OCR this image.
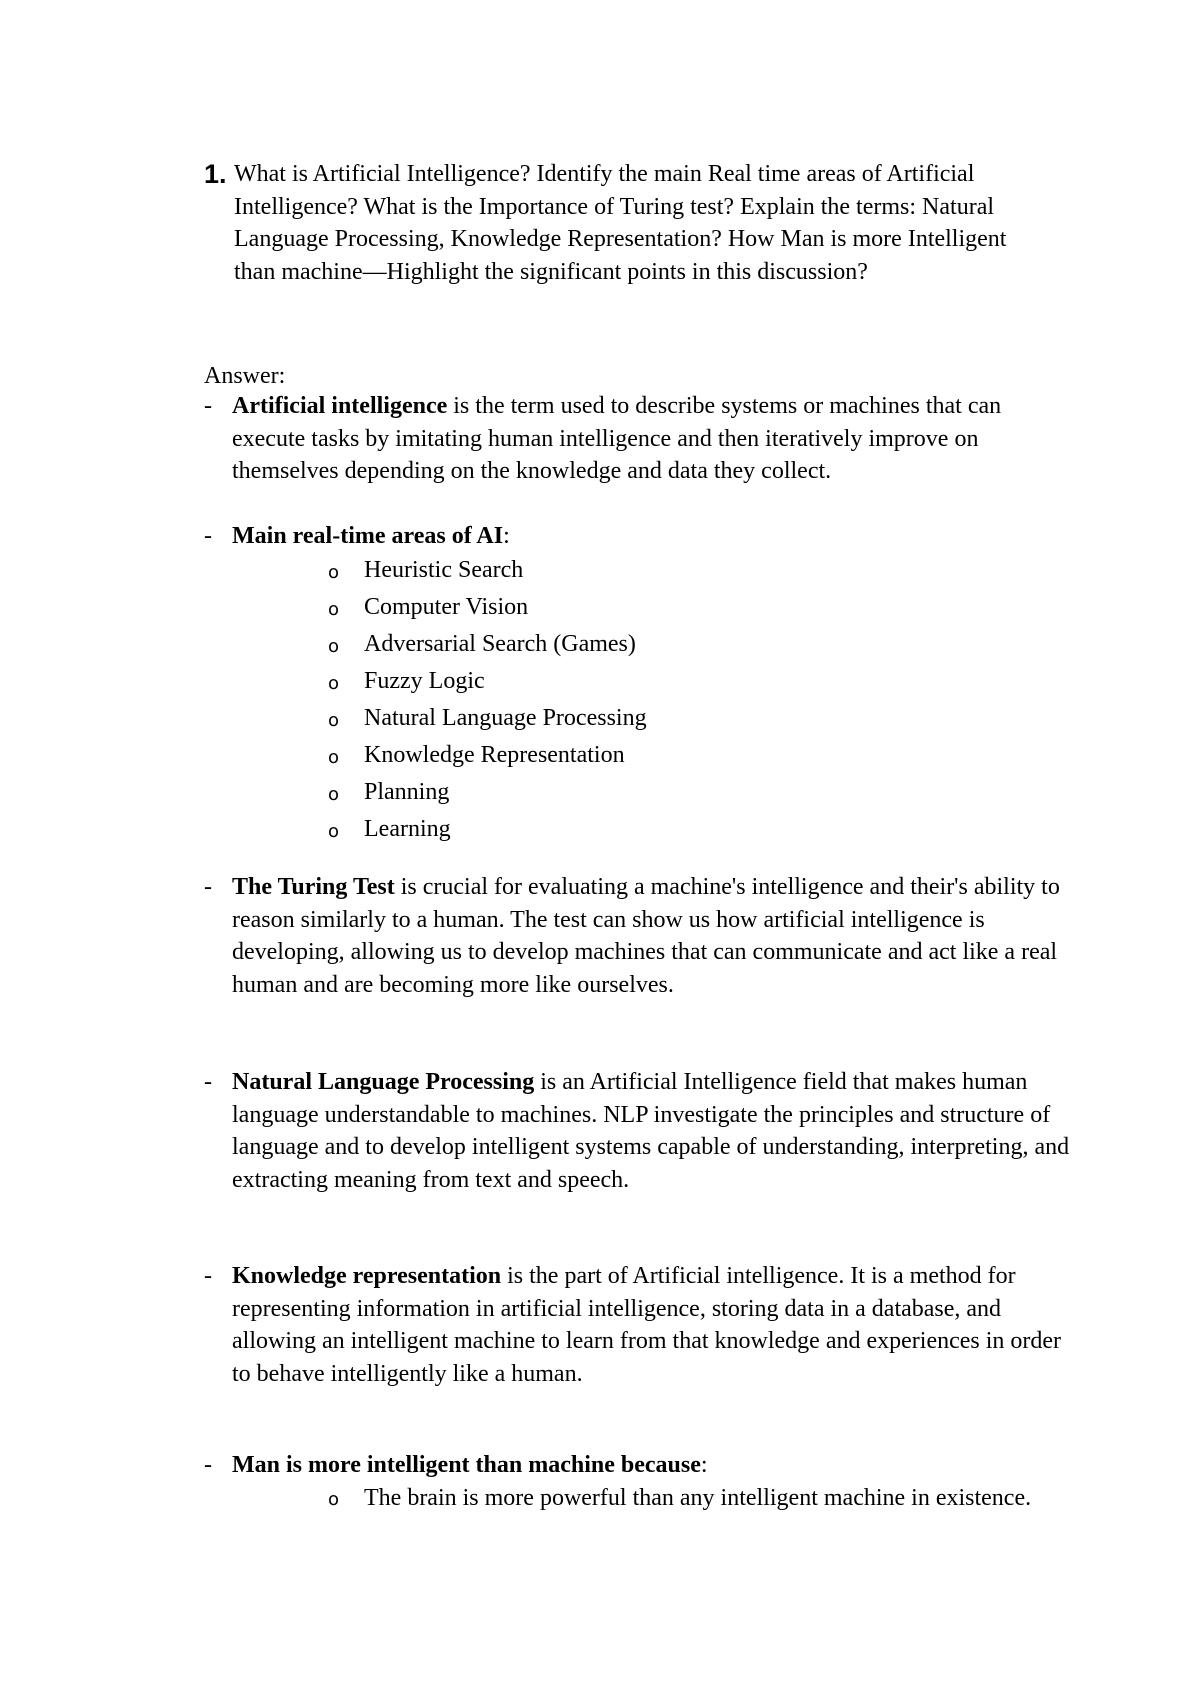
1. What is Artificial Intelligence? Identify the main Real time areas of Artificial Intelligence? What is the Importance of Turing test? Explain the terms: Natural Language Processing, Knowledge Representation? How Man is more Intelligent than machine—Highlight the significant points in this discussion?
Answer:
- Artificial intelligence is the term used to describe systems or machines that can execute tasks by imitating human intelligence and then iteratively improve on themselves depending on the knowledge and data they collect.
- Main real-time areas of AI:
o	Heuristic Search
o	Computer Vision
o	Adversarial Search (Games)
o	Fuzzy Logic
o	Natural Language Processing
o	Knowledge Representation
o	Planning
o	Learning
- The Turing Test is crucial for evaluating a machine's intelligence and their's ability to reason similarly to a human. The test can show us how artificial intelligence is developing, allowing us to develop machines that can communicate and act like a real human and are becoming more like ourselves.
- Natural Language Processing is an Artificial Intelligence field that makes human language understandable to machines. NLP investigate the principles and structure of language and to develop intelligent systems capable of understanding, interpreting, and extracting meaning from text and speech.
- Knowledge representation is the part of Artificial intelligence. It is a method for representing information in artificial intelligence, storing data in a database, and allowing an intelligent machine to learn from that knowledge and experiences in order to behave intelligently like a human.
- Man is more intelligent than machine because:
o	The brain is more powerful than any intelligent machine in existence.
